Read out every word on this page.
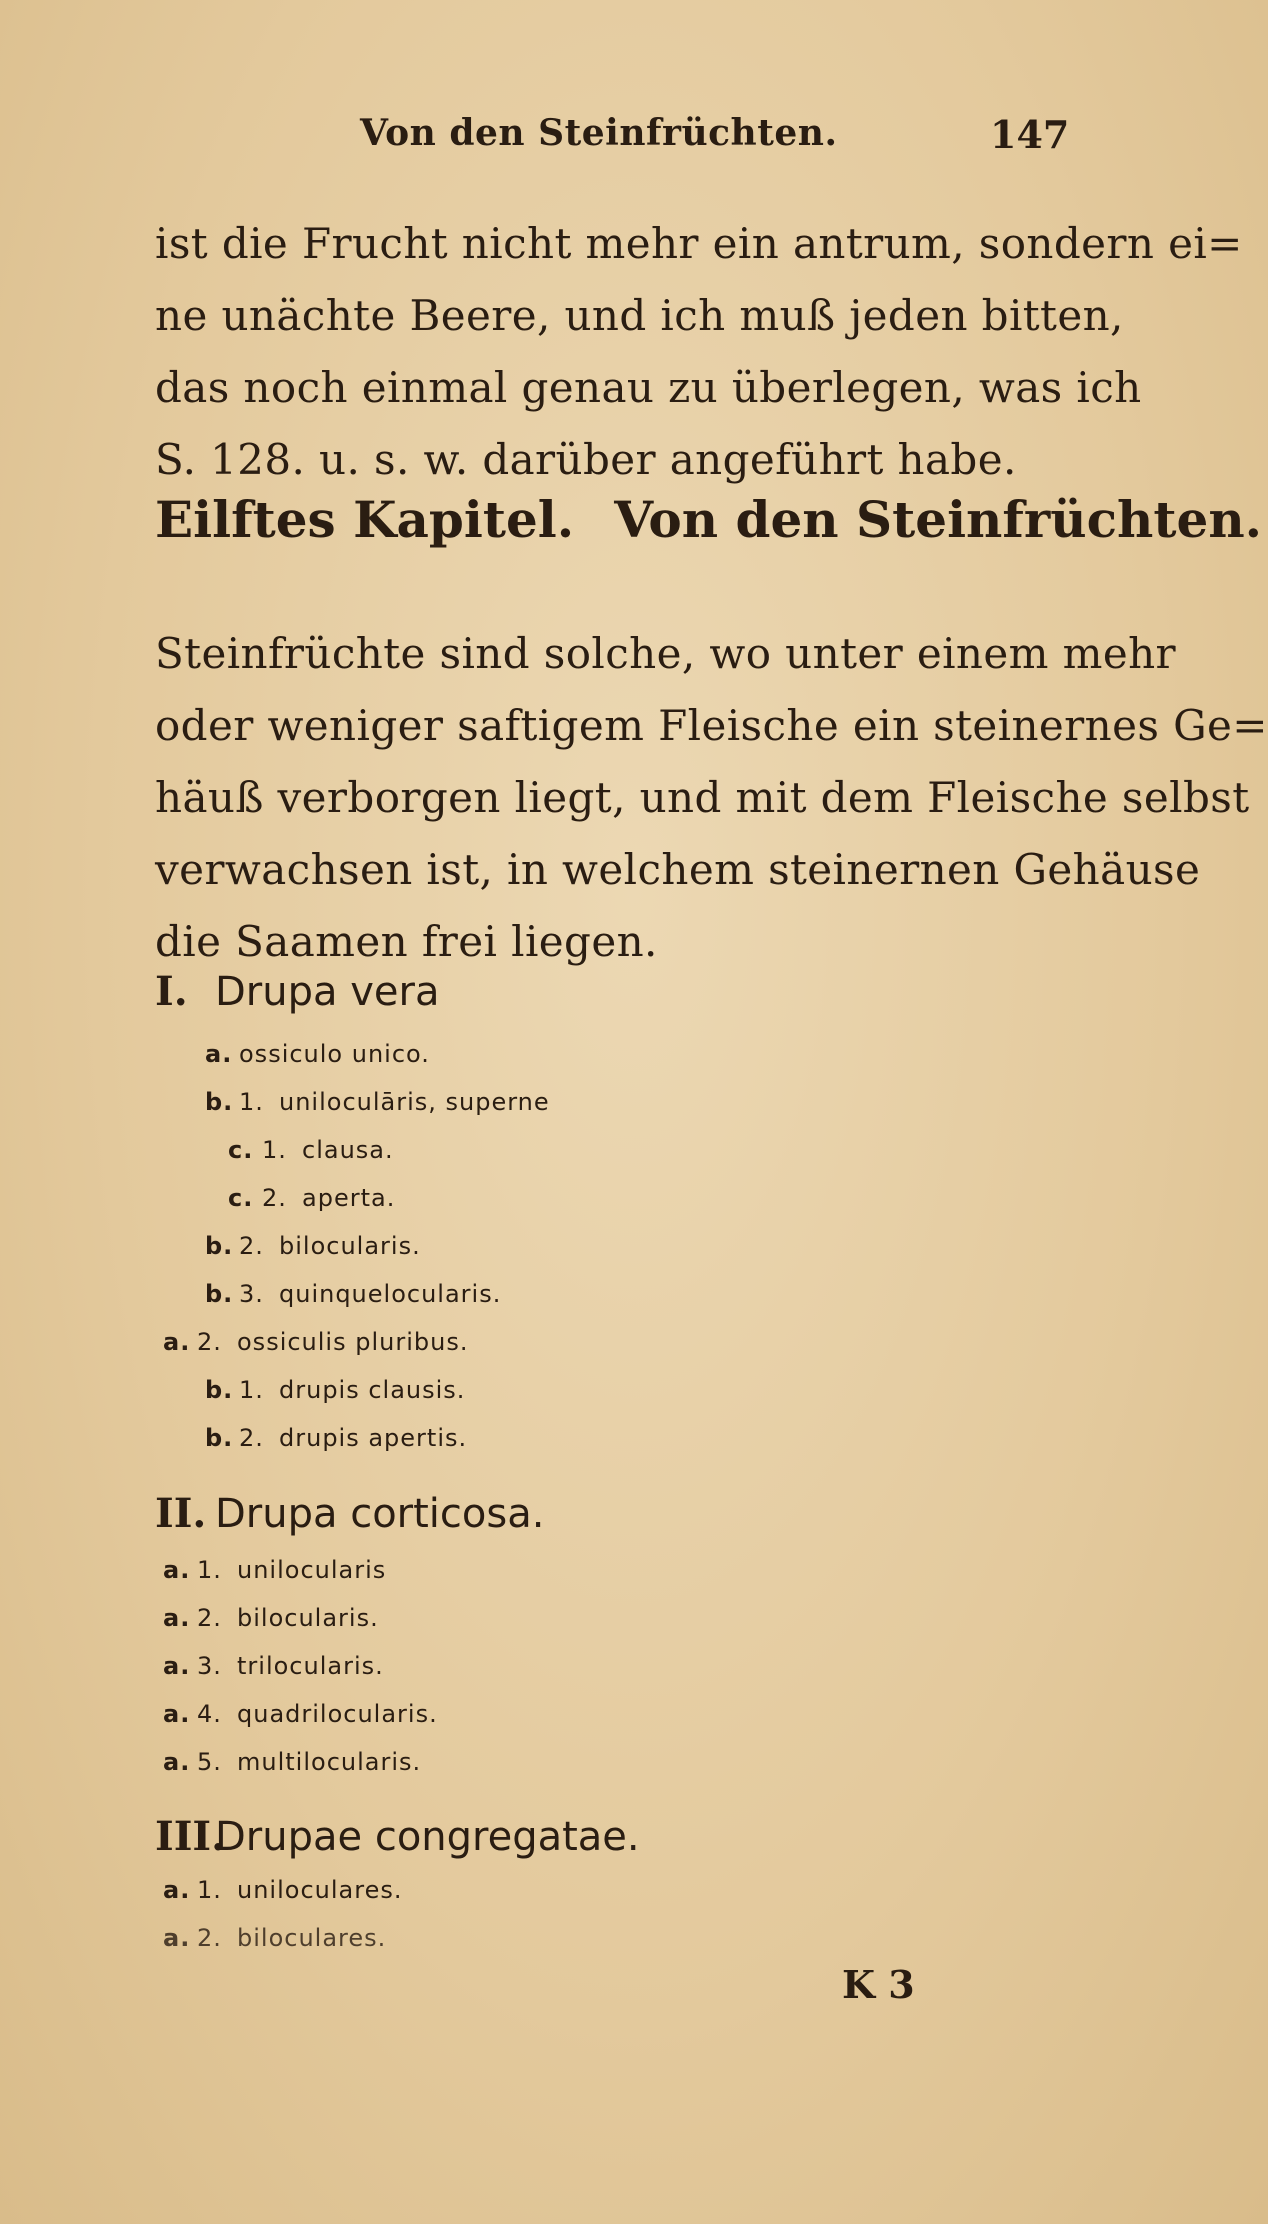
Von den Steinfrüchten.	147
ist die Frucht nicht mehr ein antrum, sondern ei=
ne unächte Beere, und ich muß jeden bitten,
das noch einmal genau zu überlegen, was ich
S. 128. u. s. w. darüber angeführt habe.
Eilftes Kapitel. Von den Steinfrüchten.
Steinfrüchte sind solche, wo unter einem mehr
oder weniger saftigem Fleische ein steinernes Ge=
häuß verborgen liegt, und mit dem Fleische selbst
verwachsen ist, in welchem steinernen Gehäuse
die Saamen frei liegen.
I. Drupa vera
a. ossiculo unico.
b. 1. uniloculāris, superne
c. 1. clausa.
c. 2. aperta.
b. 2. bilocularis.
b. 3. quinquelocularis.
a. 2. ossiculis pluribus.
b. 1. drupis clausis.
b. 2. drupis apertis.
II. Drupa corticosa.
a. 1. unilocularis
a. 2. bilocularis.
a. 3. trilocularis.
a. 4. quadrilocularis.
a. 5. multilocularis.
III.Drupae congregatae.
a. 1. uniloculares.
a. 2. biloculares.
K 3
